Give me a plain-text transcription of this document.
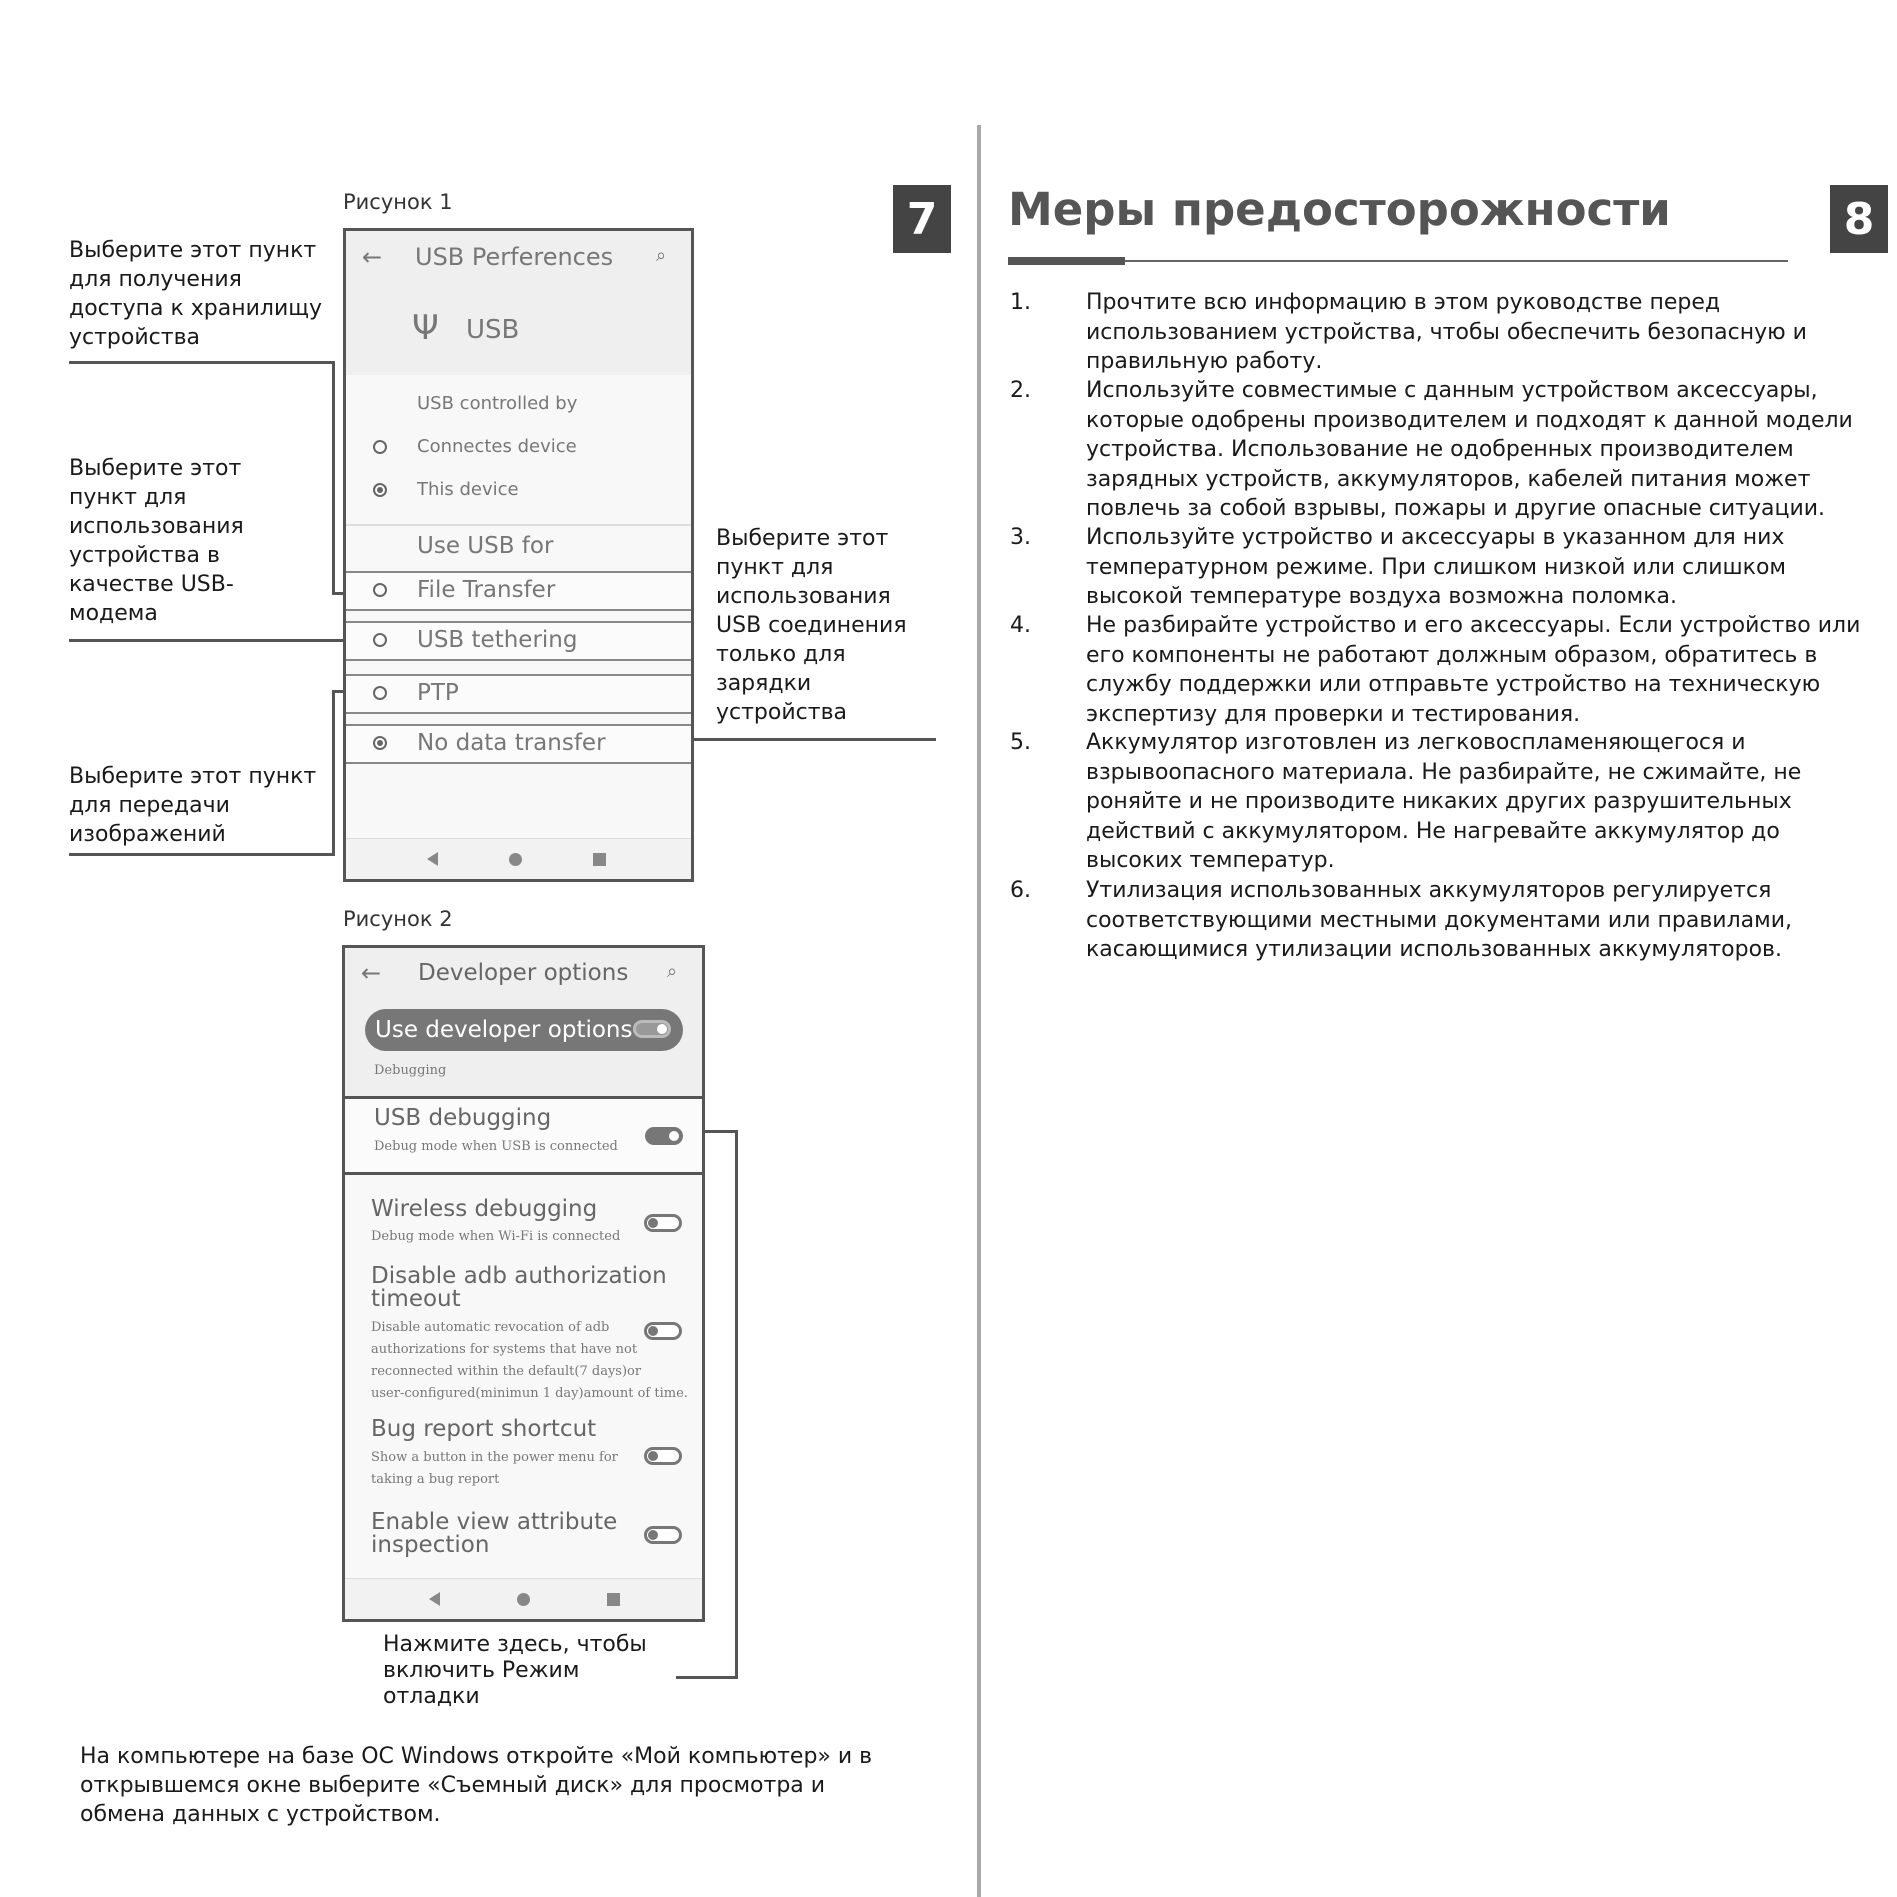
7	8
Рисунок 1
← USB Perferences ⌕
Ψ USB
USB controlled by
Connectes device
This device
Use USB for
File Transfer
USB tethering
PTP
No data transfer
Выберите этот пункт для получения доступа к хранилищу устройства
Выберите этот пункт для использования устройства в качестве USB-модема
Выберите этот пункт для передачи изображений
Выберите этот пункт для использования USB соединения только для зарядки устройства
Рисунок 2
← Developer options ⌕
Use developer options
Debugging
USB debugging
Debug mode when USB is connected
Wireless debugging
Debug mode when Wi-Fi is connected
Disable adb authorization
timeout
Disable automatic revocation of adb
authorizations for systems that have not
reconnected within the default(7 days)or
user-configured(minimun 1 day)amount of time.
Bug report shortcut
Show a button in the power menu for
taking a bug report
Enable view attribute
inspection
Нажмите здесь, чтобы включить Режим отладки
На компьютере на базе ОС Windows откройте «Мой компьютер» и в открывшемся окне выберите «Съемный диск» для просмотра и обмена данных с устройством.
Меры предосторожности
1.	Прочтите всю информацию в этом руководстве перед использованием устройства, чтобы обеспечить безопасную и правильную работу.
2.	Используйте совместимые с данным устройством аксессуары, которые одобрены производителем и подходят к данной модели устройства. Использование не одобренных производителем зарядных устройств, аккумуляторов, кабелей питания может повлечь за собой взрывы, пожары и другие опасные ситуации.
3.	Используйте устройство и аксессуары в указанном для них температурном режиме. При слишком низкой или слишком высокой температуре воздуха возможна поломка.
4.	Не разбирайте устройство и его аксессуары. Если устройство или его компоненты не работают должным образом, обратитесь в службу поддержки или отправьте устройство на техническую экспертизу для проверки и тестирования.
5.	Аккумулятор изготовлен из легковоспламеняющегося и взрывоопасного материала. Не разбирайте, не сжимайте, не роняйте и не производите никаких других разрушительных действий с аккумулятором. Не нагревайте аккумулятор до высоких температур.
6.	Утилизация использованных аккумуляторов регулируется соответствующими местными документами или правилами, касающимися утилизации использованных аккумуляторов.
